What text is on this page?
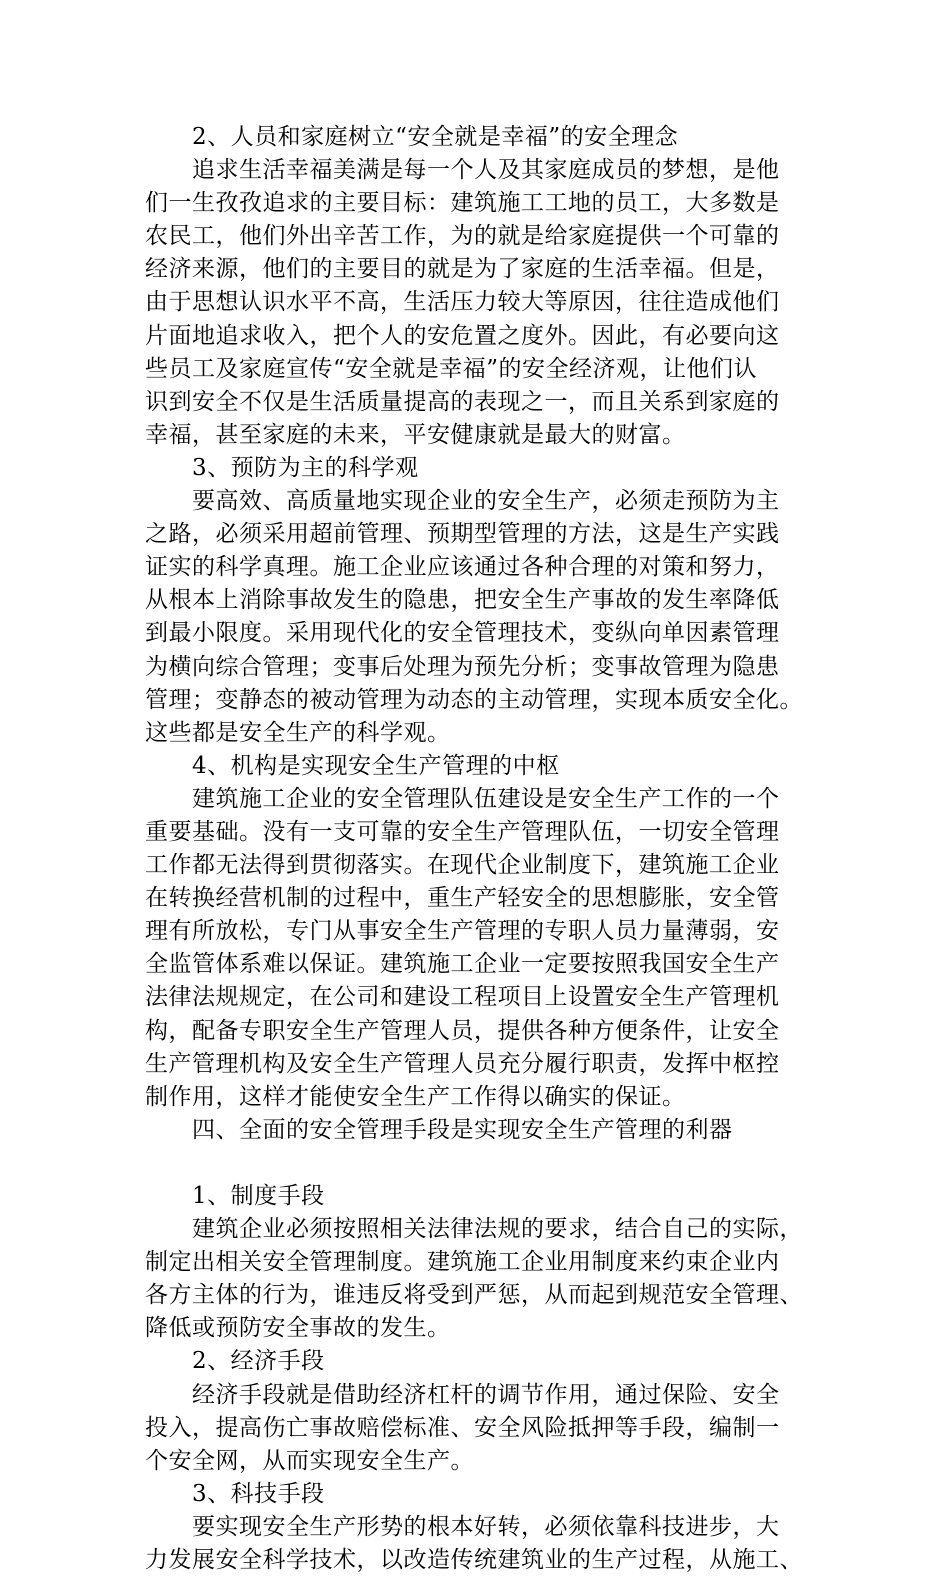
2、人员和家庭树立“安全就是幸福”的安全理念
追求生活幸福美满是每一个人及其家庭成员的梦想，是他
们一生孜孜追求的主要目标：建筑施工工地的员工，大多数是
农民工，他们外出辛苦工作，为的就是给家庭提供一个可靠的
经济来源，他们的主要目的就是为了家庭的生活幸福。但是，
由于思想认识水平不高，生活压力较大等原因，往往造成他们
片面地追求收入，把个人的安危置之度外。因此，有必要向这
些员工及家庭宣传“安全就是幸福”的安全经济观，让他们认
识到安全不仅是生活质量提高的表现之一，而且关系到家庭的
幸福，甚至家庭的未来，平安健康就是最大的财富。
3、预防为主的科学观
要高效、高质量地实现企业的安全生产，必须走预防为主
之路，必须采用超前管理、预期型管理的方法，这是生产实践
证实的科学真理。施工企业应该通过各种合理的对策和努力，
从根本上消除事故发生的隐患，把安全生产事故的发生率降低
到最小限度。采用现代化的安全管理技术，变纵向单因素管理
为横向综合管理；变事后处理为预先分析；变事故管理为隐患
管理；变静态的被动管理为动态的主动管理，实现本质安全化。
这些都是安全生产的科学观。
4、机构是实现安全生产管理的中枢
建筑施工企业的安全管理队伍建设是安全生产工作的一个
重要基础。没有一支可靠的安全生产管理队伍，一切安全管理
工作都无法得到贯彻落实。在现代企业制度下，建筑施工企业
在转换经营机制的过程中，重生产轻安全的思想膨胀，安全管
理有所放松，专门从事安全生产管理的专职人员力量薄弱，安
全监管体系难以保证。建筑施工企业一定要按照我国安全生产
法律法规规定，在公司和建设工程项目上设置安全生产管理机
构，配备专职安全生产管理人员，提供各种方便条件，让安全
生产管理机构及安全生产管理人员充分履行职责，发挥中枢控
制作用，这样才能使安全生产工作得以确实的保证。
四、全面的安全管理手段是实现安全生产管理的利器
1、制度手段
建筑企业必须按照相关法律法规的要求，结合自己的实际，
制定出相关安全管理制度。建筑施工企业用制度来约束企业内
各方主体的行为，谁违反将受到严惩，从而起到规范安全管理、
降低或预防安全事故的发生。
2、经济手段
经济手段就是借助经济杠杆的调节作用，通过保险、安全
投入，提高伤亡事故赔偿标准、安全风险抵押等手段，编制一
个安全网，从而实现安全生产。
3、科技手段
要实现安全生产形势的根本好转，必须依靠科技进步，大
力发展安全科学技术，以改造传统建筑业的生产过程，从施工、
